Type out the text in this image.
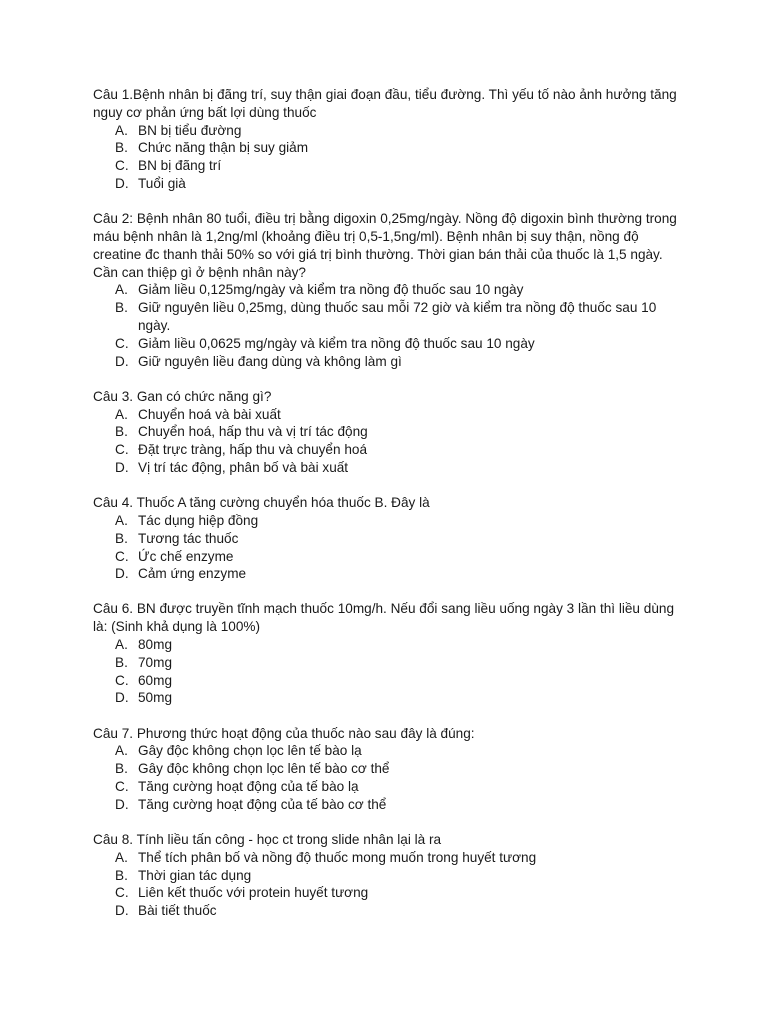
Câu 1.Bệnh nhân bị đãng trí, suy thận giai đoạn đầu, tiểu đường. Thì yếu tố nào ảnh hưởng tăng nguy cơ phản ứng bất lợi dùng thuốc

A. BN bị tiểu đường
B. Chức năng thận bị suy giảm
C. BN bị đãng trí
D. Tuổi già

Câu 2: Bệnh nhân 80 tuổi, điều trị bằng digoxin 0,25mg/ngày. Nồng độ digoxin bình thường trong máu bệnh nhân là 1,2ng/ml (khoảng điều trị 0,5-1,5ng/ml). Bệnh nhân bị suy thận, nồng độ creatine đc thanh thải 50% so với giá trị bình thường. Thời gian bán thải của thuốc là 1,5 ngày. Cần can thiệp gì ở bệnh nhân này?

A. Giảm liều 0,125mg/ngày và kiểm tra nồng độ thuốc sau 10 ngày
B. Giữ nguyên liều 0,25mg, dùng thuốc sau mỗi 72 giờ và kiểm tra nồng độ thuốc sau 10 ngày.
C. Giảm liều 0,0625 mg/ngày và kiểm tra nồng độ thuốc sau 10 ngày
D. Giữ nguyên liều đang dùng và không làm gì

Câu 3. Gan có chức năng gì?

A. Chuyển hoá và bài xuất
B. Chuyển hoá, hấp thu và vị trí tác động
C. Đặt trực tràng, hấp thu và chuyển hoá
D. Vị trí tác động, phân bố và bài xuất

Câu 4. Thuốc A tăng cường chuyển hóa thuốc B. Đây là

A. Tác dụng hiệp đồng
B. Tương tác thuốc
C. Ức chế enzyme
D. Cảm ứng enzyme

Câu 6. BN được truyền tĩnh mạch thuốc 10mg/h. Nếu đổi sang liều uống ngày 3 lần thì liều dùng là: (Sinh khả dụng là 100%)

A. 80mg
B. 70mg
C. 60mg
D. 50mg

Câu 7. Phương thức hoạt động của thuốc nào sau đây là đúng:

A. Gây độc không chọn lọc lên tế bào lạ
B. Gây độc không chọn lọc lên tế bào cơ thể
C. Tăng cường hoạt động của tế bào lạ
D. Tăng cường hoạt động của tế bào cơ thể

Câu 8. Tính liều tấn công - học ct trong slide nhân lại là ra

A. Thể tích phân bố và nồng độ thuốc mong muốn trong huyết tương
B. Thời gian tác dụng
C. Liên kết thuốc với protein huyết tương
D. Bài tiết thuốc
